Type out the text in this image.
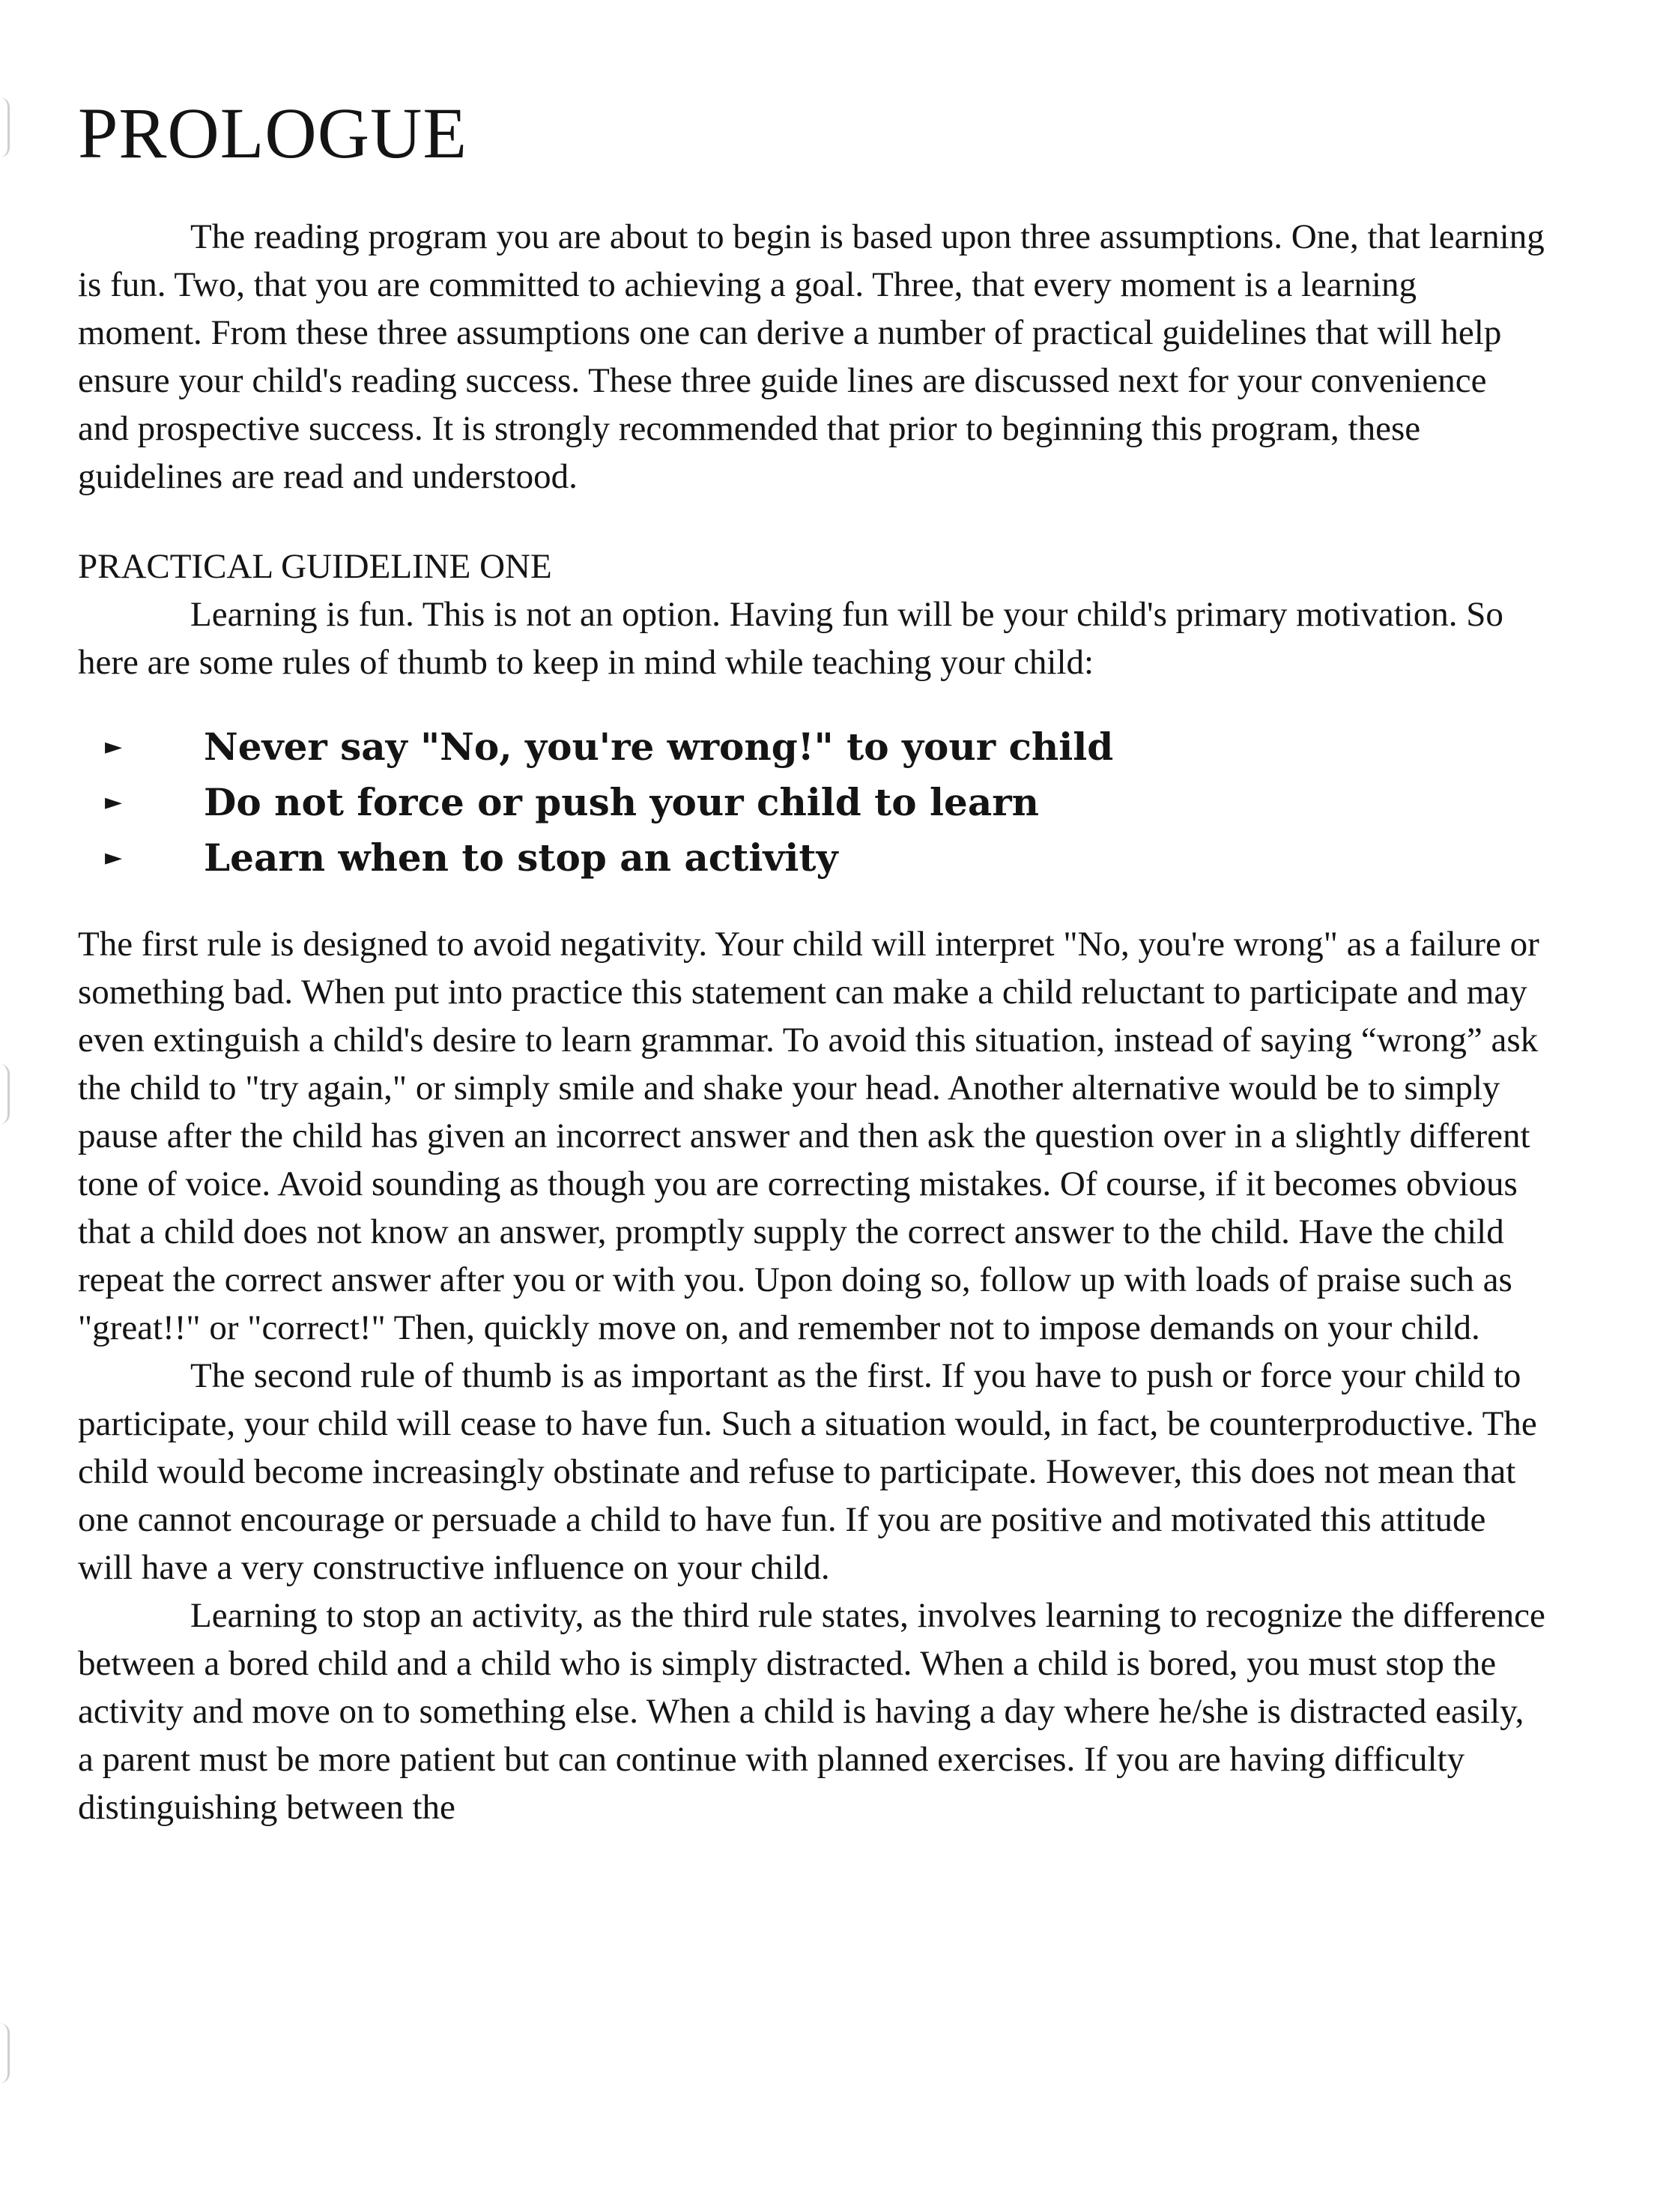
PROLOGUE

The reading program you are about to begin is based upon three assumptions. One, that learning is fun. Two, that you are committed to achieving a goal. Three, that every moment is a learning moment. From these three assumptions one can derive a number of practical guidelines that will help ensure your child's reading success. These three guide lines are discussed next for your convenience and prospective success. It is strongly recommended that prior to beginning this program, these guidelines are read and understood.

PRACTICAL GUIDELINE ONE

Learning is fun. This is not an option. Having fun will be your child's primary motivation. So here are some rules of thumb to keep in mind while teaching your child:

► Never say "No, you're wrong!" to your child
► Do not force or push your child to learn
► Learn when to stop an activity

The first rule is designed to avoid negativity. Your child will interpret "No, you're wrong" as a failure or something bad. When put into practice this statement can make a child reluctant to participate and may even extinguish a child's desire to learn grammar. To avoid this situation, instead of saying “wrong” ask the child to "try again," or simply smile and shake your head. Another alternative would be to simply pause after the child has given an incorrect answer and then ask the question over in a slightly different tone of voice. Avoid sounding as though you are correcting mistakes. Of course, if it becomes obvious that a child does not know an answer, promptly supply the correct answer to the child. Have the child repeat the correct answer after you or with you. Upon doing so, follow up with loads of praise such as "great!!" or "correct!" Then, quickly move on, and remember not to impose demands on your child.

The second rule of thumb is as important as the first. If you have to push or force your child to participate, your child will cease to have fun. Such a situation would, in fact, be counterproductive. The child would become increasingly obstinate and refuse to participate. However, this does not mean that one cannot encourage or persuade a child to have fun. If you are positive and motivated this attitude will have a very constructive influence on your child.

Learning to stop an activity, as the third rule states, involves learning to recognize the difference between a bored child and a child who is simply distracted. When a child is bored, you must stop the activity and move on to something else. When a child is having a day where he/she is distracted easily, a parent must be more patient but can continue with planned exercises. If you are having difficulty distinguishing between the
